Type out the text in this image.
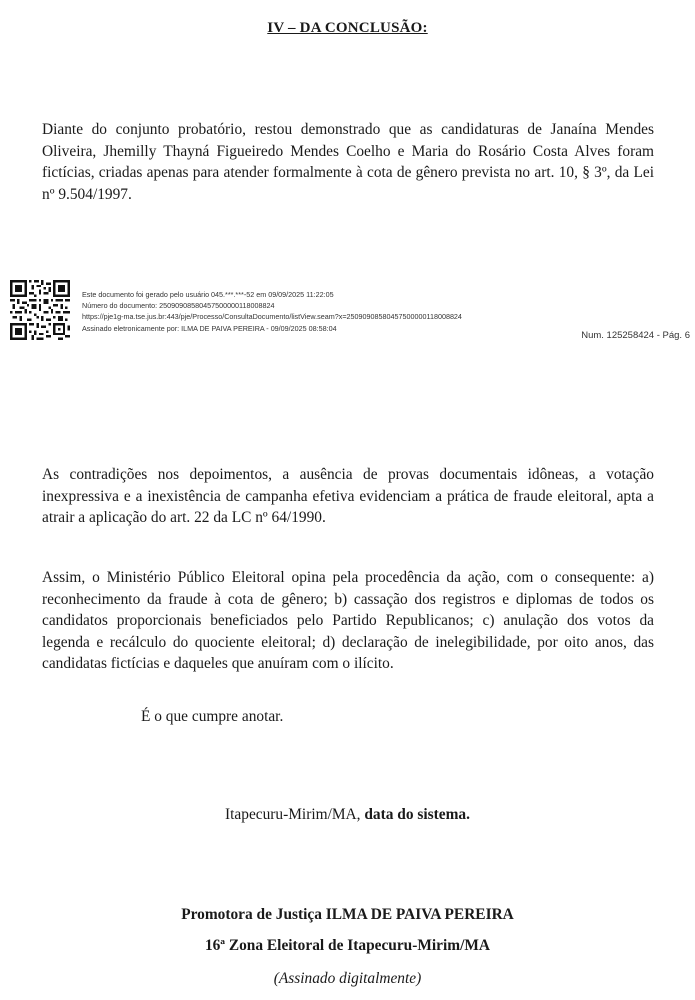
IV – DA CONCLUSÃO:

Diante do conjunto probatório, restou demonstrado que as candidaturas de Janaína Mendes Oliveira, Jhemilly Thayná Figueiredo Mendes Coelho e Maria do Rosário Costa Alves foram fictícias, criadas apenas para atender formalmente à cota de gênero prevista no art. 10, § 3º, da Lei nº 9.504/1997.

Este documento foi gerado pelo usuário 045.***.***-52 em 09/09/2025 11:22:05
Número do documento: 25090908580457500000118008824
https://pje1g-ma.tse.jus.br:443/pje/Processo/ConsultaDocumento/listView.seam?x=25090908580457500000118008824
Assinado eletronicamente por: ILMA DE PAIVA PEREIRA - 09/09/2025 08:58:04
Num. 125258424 - Pág. 6

As contradições nos depoimentos, a ausência de provas documentais idôneas, a votação inexpressiva e a inexistência de campanha efetiva evidenciam a prática de fraude eleitoral, apta a atrair a aplicação do art. 22 da LC nº 64/1990.

Assim, o Ministério Público Eleitoral opina pela procedência da ação, com o consequente: a) reconhecimento da fraude à cota de gênero; b) cassação dos registros e diplomas de todos os candidatos proporcionais beneficiados pelo Partido Republicanos; c) anulação dos votos da legenda e recálculo do quociente eleitoral; d) declaração de inelegibilidade, por oito anos, das candidatas fictícias e daqueles que anuíram com o ilícito.

É o que cumpre anotar.
Itapecuru-Mirim/MA, data do sistema.
Promotora de Justiça ILMA DE PAIVA PEREIRA
16ª Zona Eleitoral de Itapecuru-Mirim/MA
(Assinado digitalmente)
